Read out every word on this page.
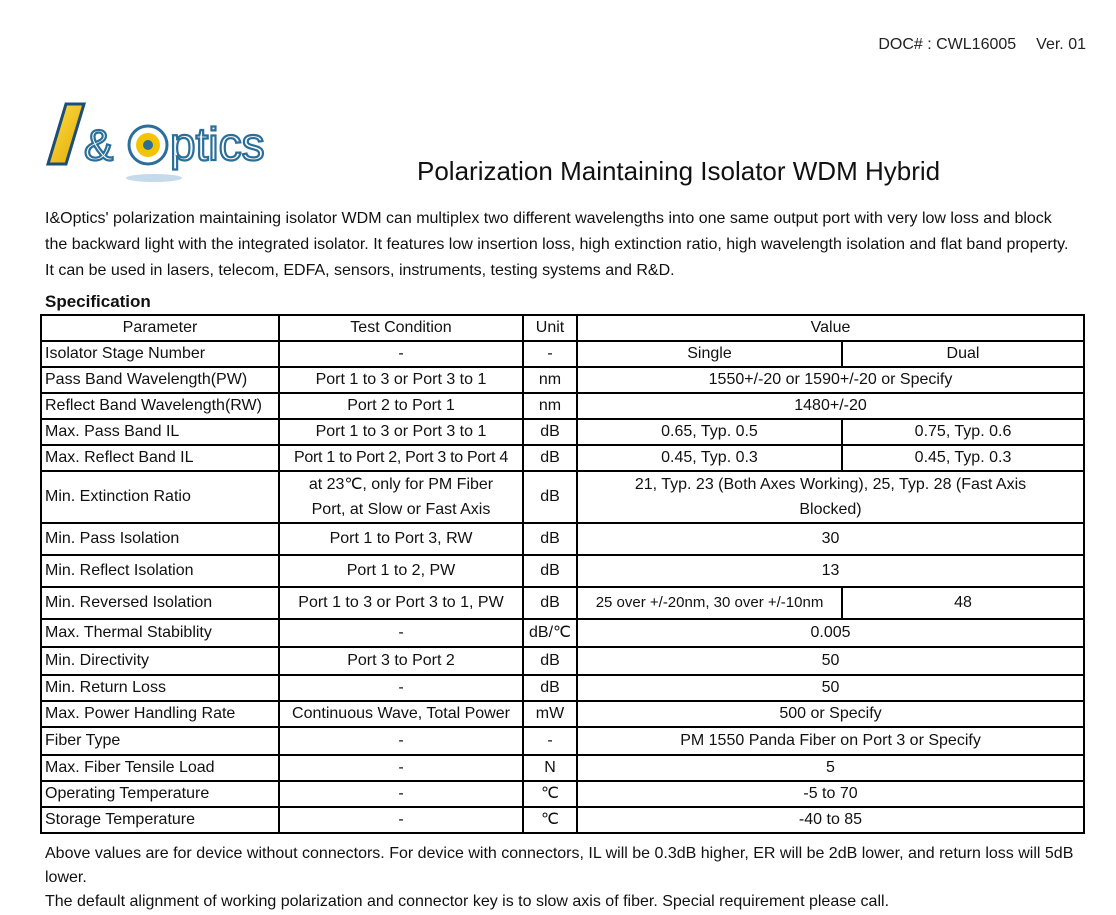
DOC# : CWL16005 Ver. 01
& ptics
Polarization Maintaining Isolator WDM Hybrid
I&Optics' polarization maintaining isolator WDM can multiplex two different wavelengths into one same output port with very low loss and block the backward light with the integrated isolator. It features low insertion loss, high extinction ratio, high wavelength isolation and flat band property. It can be used in lasers, telecom, EDFA, sensors, instruments, testing systems and R&D.
Specification
Parameter	Test Condition	Unit	Value	
Isolator Stage Number	-	-	Single	Dual
Pass Band Wavelength(PW)	Port 1 to 3 or Port 3 to 1	nm	1550+/-20 or 1590+/-20 or Specify	
Reflect Band Wavelength(RW)	Port 2 to Port 1	nm	1480+/-20	
Max. Pass Band IL	Port 1 to 3 or Port 3 to 1	dB	0.65, Typ. 0.5	0.75, Typ. 0.6
Max. Reflect Band IL	Port 1 to Port 2, Port 3 to Port 4	dB	0.45, Typ. 0.3	0.45, Typ. 0.3
Min. Extinction Ratio	at 23℃, only for PM Fiber Port, at Slow or Fast Axis	dB	21, Typ. 23 (Both Axes Working), 25, Typ. 28 (Fast Axis Blocked)	
Min. Pass Isolation	Port 1 to Port 3, RW	dB	30	
Min. Reflect Isolation	Port 1 to 2, PW	dB	13	
Min. Reversed Isolation	Port 1 to 3 or Port 3 to 1, PW	dB	25 over +/-20nm, 30 over +/-10nm	48
Max. Thermal Stabiblity	-	dB/℃	0.005	
Min. Directivity	Port 3 to Port 2	dB	50	
Min. Return Loss	-	dB	50	
Max. Power Handling Rate	Continuous Wave, Total Power	mW	500 or Specify	
Fiber Type	-	-	PM 1550 Panda Fiber on Port 3 or Specify	
Max. Fiber Tensile Load	-	N	5	
Operating Temperature	-	℃	-5 to 70	
Storage Temperature	-	℃	-40 to 85	

Above values are for device without connectors. For device with connectors, IL will be 0.3dB higher, ER will be 2dB lower, and return loss will 5dB lower.

The default alignment of working polarization and connector key is to slow axis of fiber. Special requirement please call.
